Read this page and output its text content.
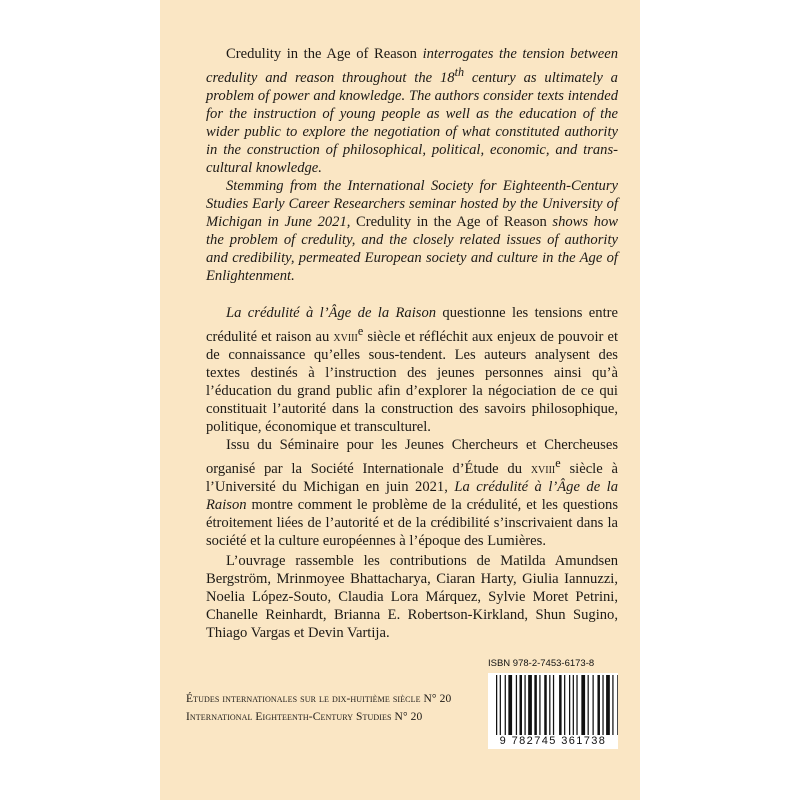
Credulity in the Age of Reason interrogates the tension between credulity and reason throughout the 18th century as ultimately a problem of power and knowledge. The authors consider texts intended for the instruction of young people as well as the education of the wider public to explore the negotiation of what constituted authority in the construction of philosophical, political, economic, and trans-cultural knowledge.

Stemming from the International Society for Eighteenth-Century Studies Early Career Researchers seminar hosted by the University of Michigan in June 2021, Credulity in the Age of Reason shows how the problem of credulity, and the closely related issues of authority and credibility, permeated European society and culture in the Age of Enlightenment.

La crédulité à l’Âge de la Raison questionne les tensions entre crédulité et raison au xviii$^e$ siècle et réfléchit aux enjeux de pouvoir et de connaissance qu’elles sous-tendent. Les auteurs analysent des textes destinés à l’instruction des jeunes personnes ainsi qu’à l’éducation du grand public afin d’explorer la négociation de ce qui constituait l’autorité dans la construction des savoirs philosophique, politique, économique et transculturel.

Issu du Séminaire pour les Jeunes Chercheurs et Chercheuses organisé par la Société Internationale d’Étude du xviii$^e$ siècle à l’Université du Michigan en juin 2021, La crédulité à l’Âge de la Raison montre comment le problème de la crédulité, et les questions étroitement liées de l’autorité et de la crédibilité s’inscrivaient dans la société et la culture européennes à l’époque des Lumières.

L’ouvrage rassemble les contributions de Matilda Amundsen Bergström, Mrinmoyee Bhattacharya, Ciaran Harty, Giulia Iannuzzi, Noelia López-Souto, Claudia Lora Márquez, Sylvie Moret Petrini, Chanelle Reinhardt, Brianna E. Robertson-Kirkland, Shun Sugino, Thiago Vargas et Devin Vartija.

Études internationales sur le dix-huitième siècle N° 20
International Eighteenth-Century Studies N° 20
ISBN 978-2-7453-6173-8
9 782745 361738
